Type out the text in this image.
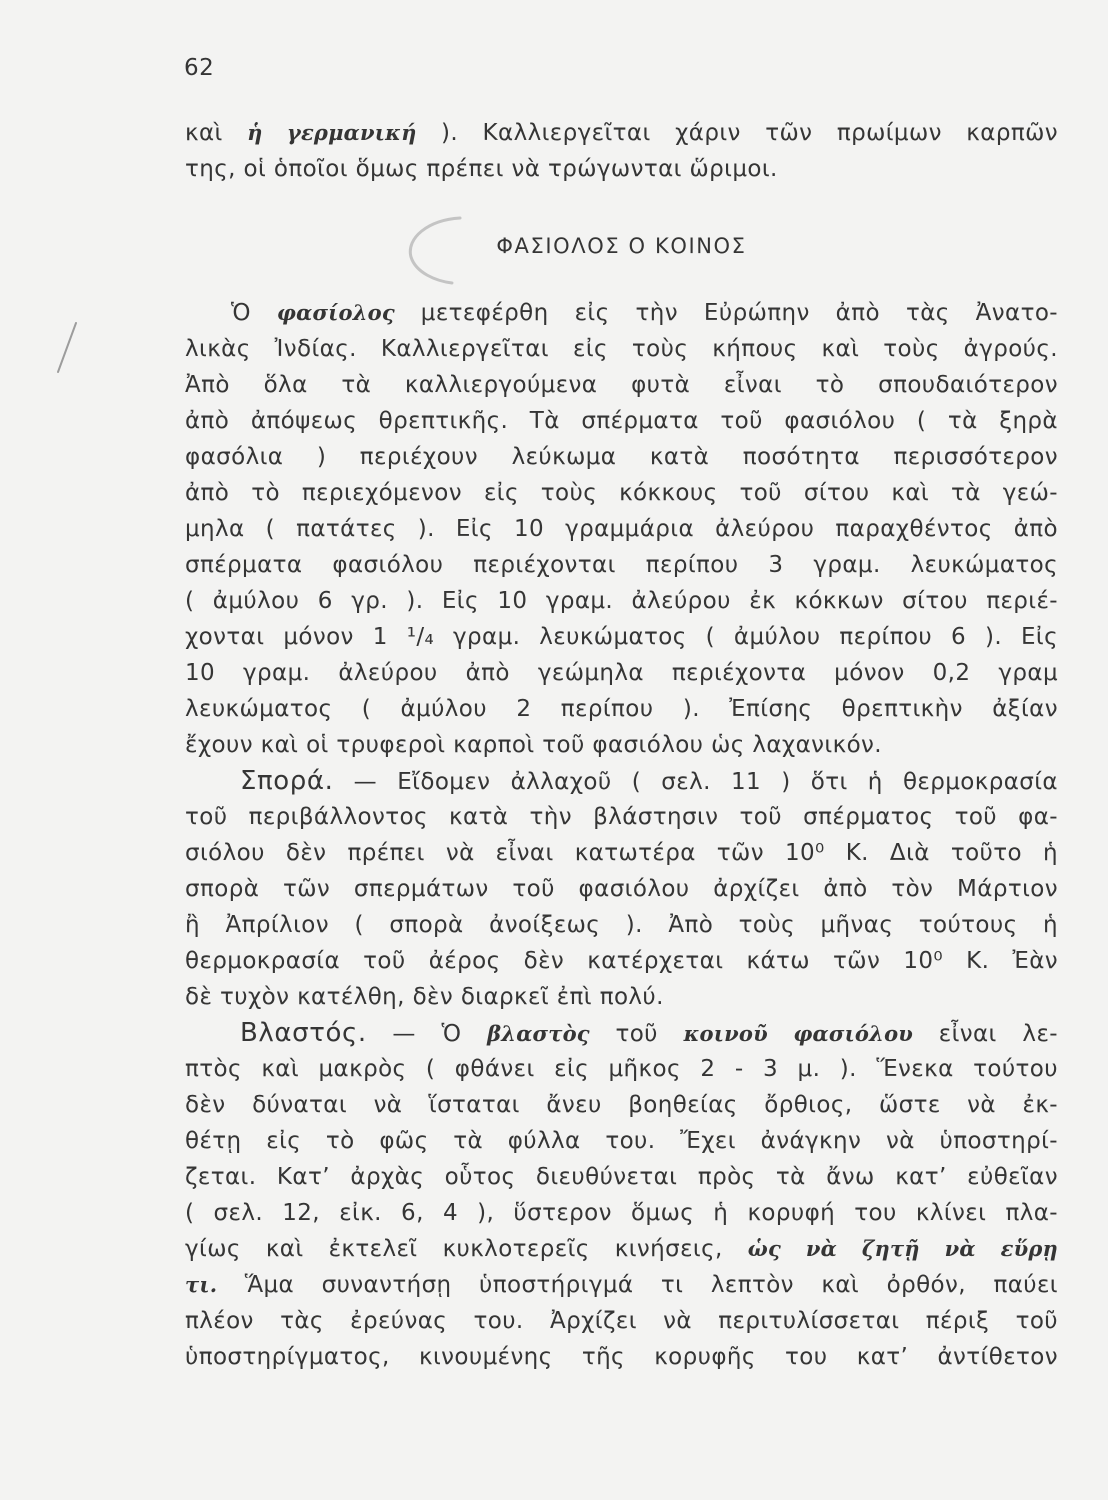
62
καὶ ἡ γερμανική ). Καλλιεργεῖται χάριν τῶν πρωίμων καρπῶν
της, οἱ ὁποῖοι ὅμως πρέπει νὰ τρώγωνται ὥριμοι.
ΦΑΣΙΟΛΟΣ Ο ΚΟΙΝΟΣ
Ὁ φασίολος μετεφέρθη εἰς τὴν Εὐρώπην ἀπὸ τὰς Ἀνατο-
λικὰς Ἰνδίας. Καλλιεργεῖται εἰς τοὺς κήπους καὶ τοὺς ἀγρούς.
Ἀπὸ ὅλα τὰ καλλιεργούμενα φυτὰ εἶναι τὸ σπουδαιότερον
ἀπὸ ἀπόψεως θρεπτικῆς. Τὰ σπέρματα τοῦ φασιόλου ( τὰ ξηρὰ
φασόλια ) περιέχουν λεύκωμα κατὰ ποσότητα περισσότερον
ἀπὸ τὸ περιεχόμενον εἰς τοὺς κόκκους τοῦ σίτου καὶ τὰ γεώ-
μηλα ( πατάτες ). Εἰς 10 γραμμάρια ἀλεύρου παραχθέντος ἀπὸ
σπέρματα φασιόλου περιέχονται περίπου 3 γραμ. λευκώματος
( ἀμύλου 6 γρ. ). Εἰς 10 γραμ. ἀλεύρου ἐκ κόκκων σίτου περιέ-
χονται μόνον 1 ¹/₄ γραμ. λευκώματος ( ἀμύλου περίπου 6 ). Εἰς
10 γραμ. ἀλεύρου ἀπὸ γεώμηλα περιέχοντα μόνον 0,2 γραμ
λευκώματος ( ἀμύλου 2 περίπου ). Ἐπίσης θρεπτικὴν ἀξίαν
ἔχουν καὶ οἱ τρυφεροὶ καρποὶ τοῦ φασιόλου ὡς λαχανικόν.
Σπορά. — Εἴδομεν ἀλλαχοῦ ( σελ. 11 ) ὅτι ἡ θερμοκρασία
τοῦ περιβάλλοντος κατὰ τὴν βλάστησιν τοῦ σπέρματος τοῦ φα-
σιόλου δὲν πρέπει νὰ εἶναι κατωτέρα τῶν 10⁰ Κ. Διὰ τοῦτο ἡ
σπορὰ τῶν σπερμάτων τοῦ φασιόλου ἀρχίζει ἀπὸ τὸν Μάρτιον
ἢ Ἀπρίλιον ( σπορὰ ἀνοίξεως ). Ἀπὸ τοὺς μῆνας τούτους ἡ
θερμοκρασία τοῦ ἀέρος δὲν κατέρχεται κάτω τῶν 10⁰ Κ. Ἐὰν
δὲ τυχὸν κατέλθη, δὲν διαρκεῖ ἐπὶ πολύ.
Βλαστός. — Ὁ βλαστὸς τοῦ κοινοῦ φασιόλου εἶναι λε-
πτὸς καὶ μακρὸς ( φθάνει εἰς μῆκος 2 - 3 μ. ). Ἕνεκα τούτου
δὲν δύναται νὰ ἵσταται ἄνευ βοηθείας ὄρθιος, ὥστε νὰ ἐκ-
θέτῃ εἰς τὸ φῶς τὰ φύλλα του. Ἔχει ἀνάγκην νὰ ὑποστηρί-
ζεται. Κατ’ ἀρχὰς οὗτος διευθύνεται πρὸς τὰ ἄνω κατ’ εὐθεῖαν
( σελ. 12, εἰκ. 6, 4 ), ὕστερον ὅμως ἡ κορυφή του κλίνει πλα-
γίως καὶ ἐκτελεῖ κυκλοτερεῖς κινήσεις, ὡς νὰ ζητῇ νὰ εὕρῃ
τι. Ἅμα συναντήσῃ ὑποστήριγμά τι λεπτὸν καὶ ὀρθόν, παύει
πλέον τὰς ἐρεύνας του. Ἀρχίζει νὰ περιτυλίσσεται πέριξ τοῦ
ὑποστηρίγματος, κινουμένης τῆς κορυφῆς του κατ’ ἀντίθετον
